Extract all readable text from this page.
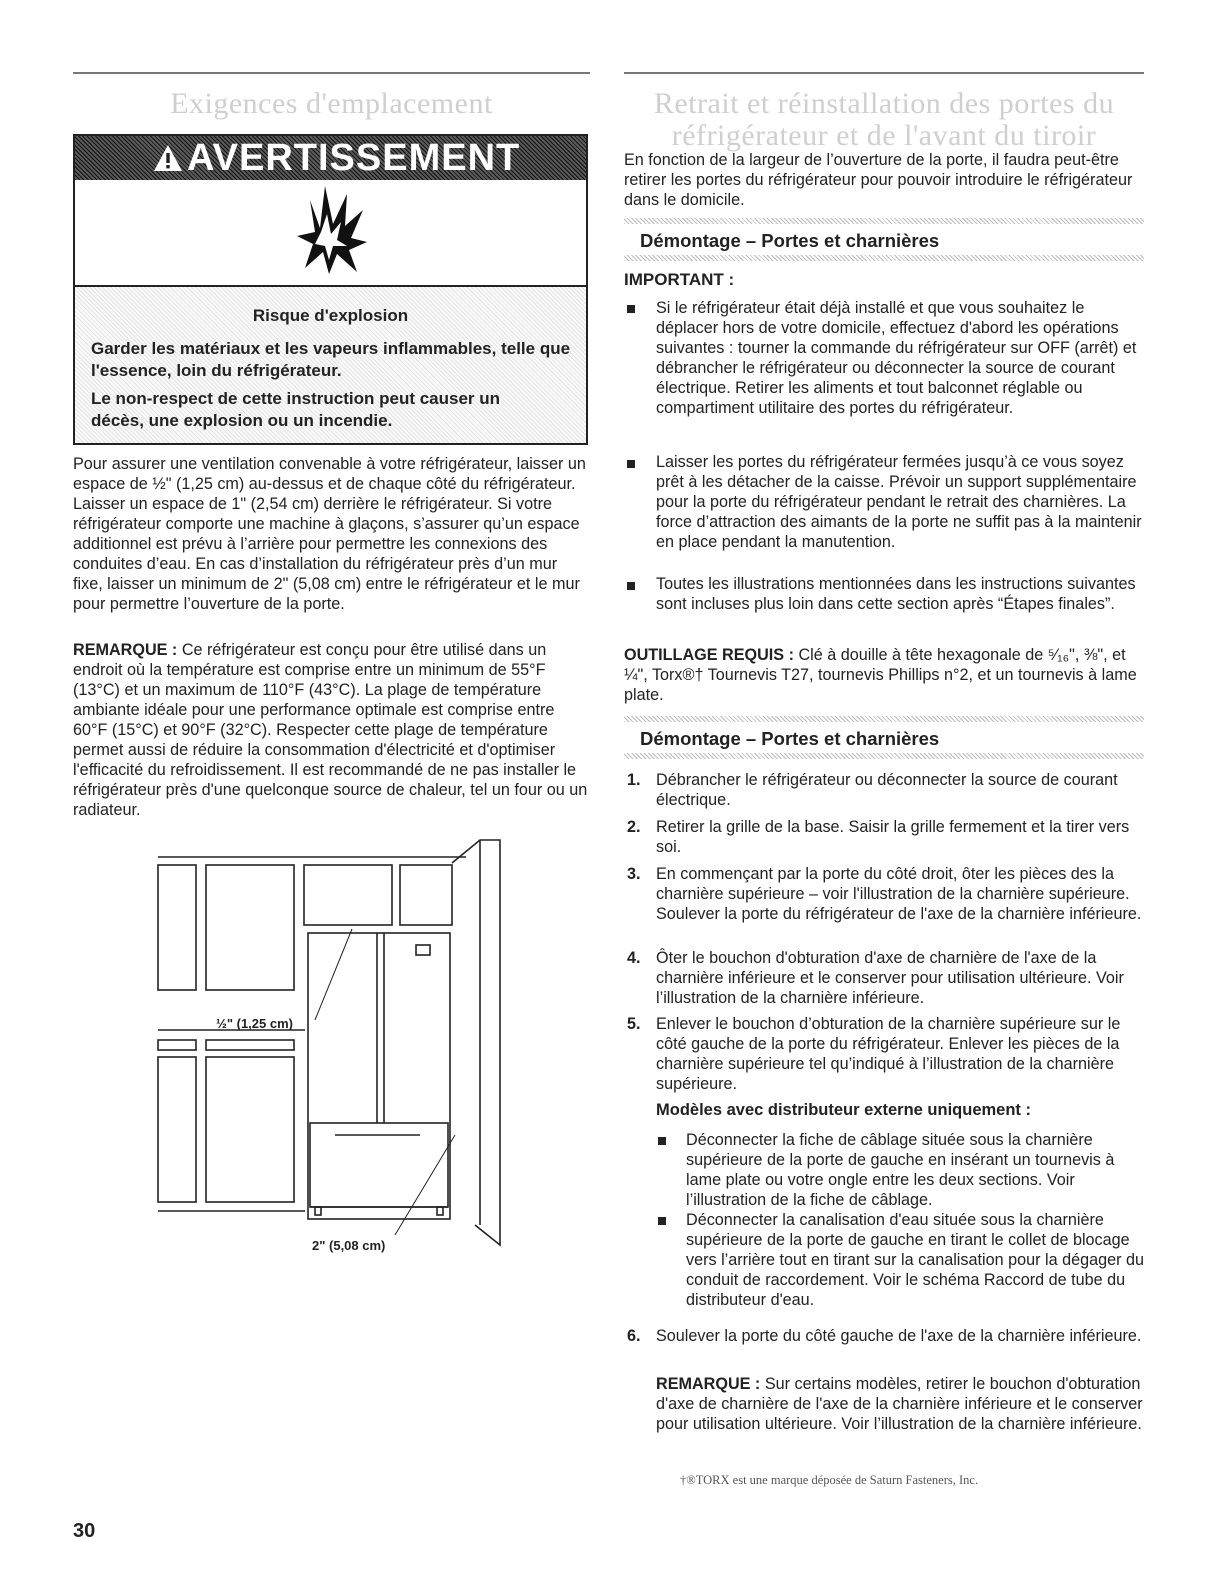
Exigences d'emplacement
AVERTISSEMENT
Risque d'explosion
Garder les matériaux et les vapeurs inflammables, telle que l'essence, loin du réfrigérateur.
Le non-respect de cette instruction peut causer un décès, une explosion ou un incendie.
Pour assurer une ventilation convenable à votre réfrigérateur, laisser un espace de ½" (1,25 cm) au-dessus et de chaque côté du réfrigérateur. Laisser un espace de 1" (2,54 cm) derrière le réfrigérateur. Si votre réfrigérateur comporte une machine à glaçons, s’assurer qu’un espace additionnel est prévu à l’arrière pour permettre les connexions des conduites d’eau. En cas d’installation du réfrigérateur près d’un mur fixe, laisser un minimum de 2" (5,08 cm) entre le réfrigérateur et le mur pour permettre l’ouverture de la porte.
REMARQUE : Ce réfrigérateur est conçu pour être utilisé dans un endroit où la température est comprise entre un minimum de 55°F (13°C) et un maximum de 110°F (43°C). La plage de température ambiante idéale pour une performance optimale est comprise entre 60°F (15°C) et 90°F (32°C). Respecter cette plage de température permet aussi de réduire la consommation d'électricité et d'optimiser l'efficacité du refroidissement. Il est recommandé de ne pas installer le réfrigérateur près d'une quelconque source de chaleur, tel un four ou un radiateur.
½" (1,25 cm)
2" (5,08 cm)
Retrait et réinstallation des portes du
réfrigérateur et de l'avant du tiroir
En fonction de la largeur de l’ouverture de la porte, il faudra peut-être retirer les portes du réfrigérateur pour pouvoir introduire le réfrigérateur dans le domicile.
Démontage – Portes et charnières
IMPORTANT :
Si le réfrigérateur était déjà installé et que vous souhaitez le déplacer hors de votre domicile, effectuez d'abord les opérations suivantes : tourner la commande du réfrigérateur sur OFF (arrêt) et débrancher le réfrigérateur ou déconnecter la source de courant électrique. Retirer les aliments et tout balconnet réglable ou compartiment utilitaire des portes du réfrigérateur.
Laisser les portes du réfrigérateur fermées jusqu’à ce vous soyez prêt à les détacher de la caisse. Prévoir un support supplémentaire pour la porte du réfrigérateur pendant le retrait des charnières. La force d’attraction des aimants de la porte ne suffit pas à la maintenir en place pendant la manutention.
Toutes les illustrations mentionnées dans les instructions suivantes sont incluses plus loin dans cette section après “Étapes finales”.
OUTILLAGE REQUIS : Clé à douille à tête hexagonale de ⁵⁄₁₆", ⅜", et ¼", Torx®† Tournevis T27, tournevis Phillips n°2, et un tournevis à lame plate.
Démontage – Portes et charnières
1. Débrancher le réfrigérateur ou déconnecter la source de courant électrique.
2. Retirer la grille de la base. Saisir la grille fermement et la tirer vers soi.
3. En commençant par la porte du côté droit, ôter les pièces des la charnière supérieure – voir l'illustration de la charnière supérieure. Soulever la porte du réfrigérateur de l'axe de la charnière inférieure.
4. Ôter le bouchon d'obturation d'axe de charnière de l'axe de la charnière inférieure et le conserver pour utilisation ultérieure. Voir l’illustration de la charnière inférieure.
5. Enlever le bouchon d’obturation de la charnière supérieure sur le côté gauche de la porte du réfrigérateur. Enlever les pièces de la charnière supérieure tel qu’indiqué à l’illustration de la charnière supérieure.
Modèles avec distributeur externe uniquement :
Déconnecter la fiche de câblage située sous la charnière supérieure de la porte de gauche en insérant un tournevis à lame plate ou votre ongle entre les deux sections. Voir l’illustration de la fiche de câblage.
Déconnecter la canalisation d'eau située sous la charnière supérieure de la porte de gauche en tirant le collet de blocage vers l’arrière tout en tirant sur la canalisation pour la dégager du conduit de raccordement. Voir le schéma Raccord de tube du distributeur d'eau.
6. Soulever la porte du côté gauche de l'axe de la charnière inférieure.
REMARQUE : Sur certains modèles, retirer le bouchon d'obturation d'axe de charnière de l'axe de la charnière inférieure et le conserver pour utilisation ultérieure. Voir l’illustration de la charnière inférieure.
†®TORX est une marque déposée de Saturn Fasteners, Inc.
30
